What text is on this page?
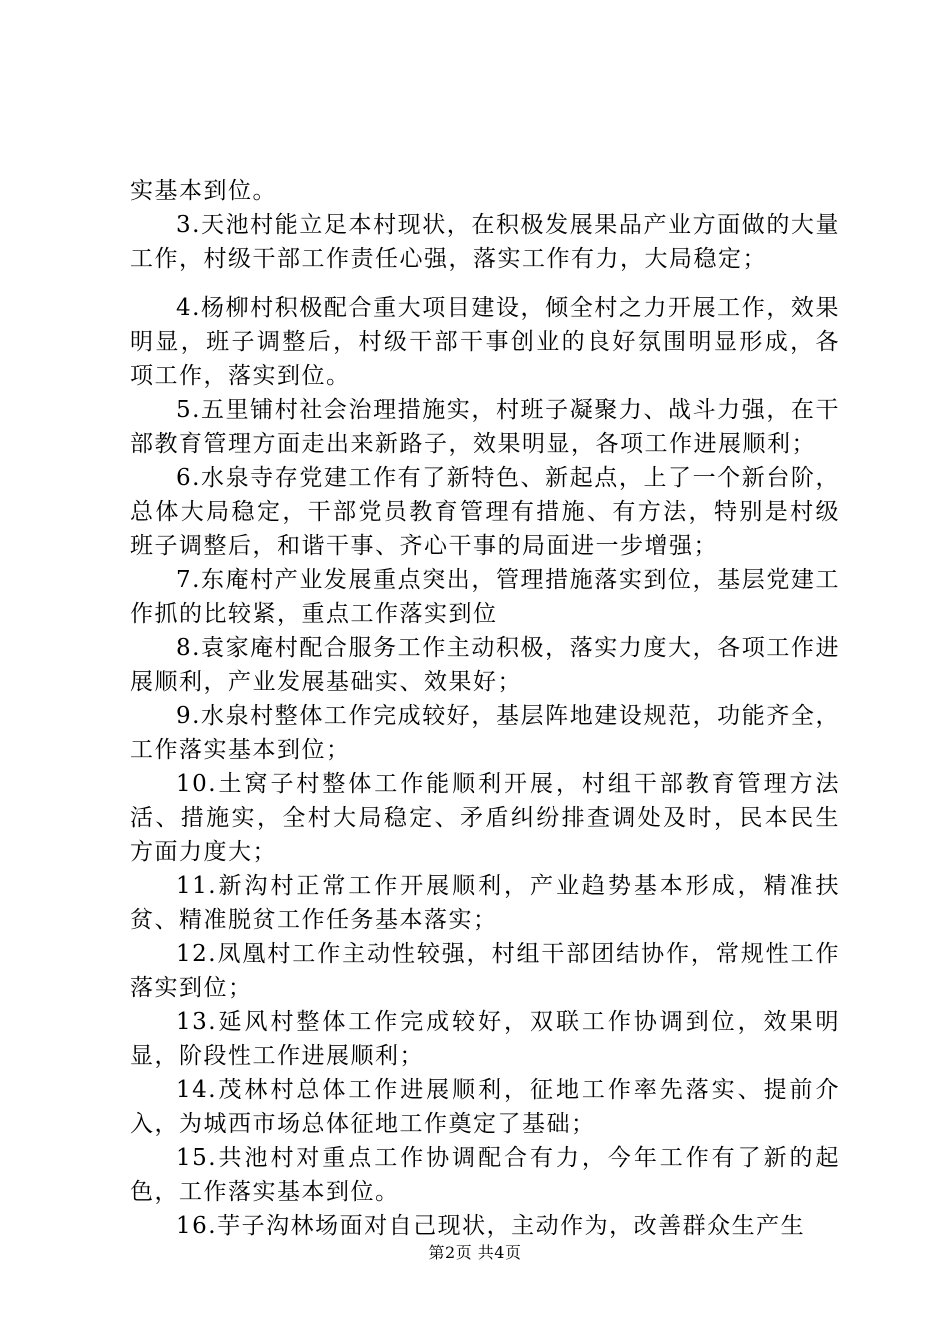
实基本到位。

3.天池村能立足本村现状，在积极发展果品产业方面做的大量工作，村级干部工作责任心强，落实工作有力，大局稳定；

4.杨柳村积极配合重大项目建设，倾全村之力开展工作，效果明显，班子调整后，村级干部干事创业的良好氛围明显形成，各项工作，落实到位。

5.五里铺村社会治理措施实，村班子凝聚力、战斗力强，在干部教育管理方面走出来新路子，效果明显，各项工作进展顺利；

6.水泉寺存党建工作有了新特色、新起点，上了一个新台阶，总体大局稳定，干部党员教育管理有措施、有方法，特别是村级班子调整后，和谐干事、齐心干事的局面进一步增强；

7.东庵村产业发展重点突出，管理措施落实到位，基层党建工作抓的比较紧，重点工作落实到位

8.袁家庵村配合服务工作主动积极，落实力度大，各项工作进展顺利，产业发展基础实、效果好；

9.水泉村整体工作完成较好，基层阵地建设规范，功能齐全，工作落实基本到位；

10.土窝子村整体工作能顺利开展，村组干部教育管理方法活、措施实，全村大局稳定、矛盾纠纷排查调处及时，民本民生方面力度大；

11.新沟村正常工作开展顺利，产业趋势基本形成，精准扶贫、精准脱贫工作任务基本落实；

12.凤凰村工作主动性较强，村组干部团结协作，常规性工作落实到位；

13.延风村整体工作完成较好，双联工作协调到位，效果明显，阶段性工作进展顺利；

14.茂林村总体工作进展顺利，征地工作率先落实、提前介入，为城西市场总体征地工作奠定了基础；

15.共池村对重点工作协调配合有力，今年工作有了新的起色，工作落实基本到位。

16.芋子沟林场面对自己现状，主动作为，改善群众生产生

第2页 共4页
